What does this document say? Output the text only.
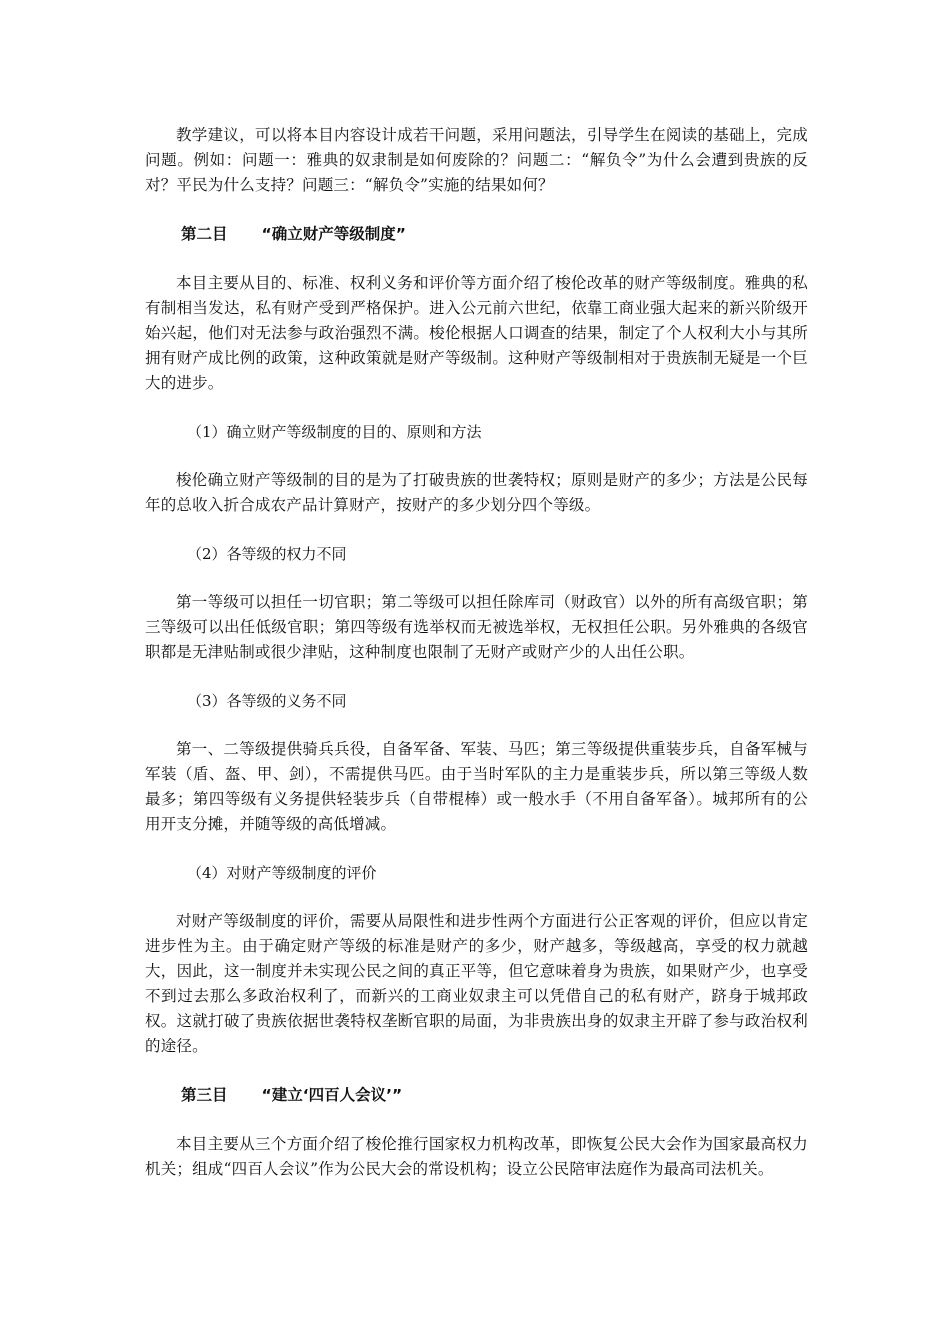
教学建议，可以将本目内容设计成若干问题，采用问题法，引导学生在阅读的基础上，完成问题。例如：问题一：雅典的奴隶制是如何废除的？问题二：“解负令”为什么会遭到贵族的反对？平民为什么支持？问题三：“解负令”实施的结果如何？

第二目 “确立财产等级制度”

本目主要从目的、标准、权利义务和评价等方面介绍了梭伦改革的财产等级制度。雅典的私有制相当发达，私有财产受到严格保护。进入公元前六世纪，依靠工商业强大起来的新兴阶级开始兴起，他们对无法参与政治强烈不满。梭伦根据人口调查的结果，制定了个人权利大小与其所拥有财产成比例的政策，这种政策就是财产等级制。这种财产等级制相对于贵族制无疑是一个巨大的进步。

（1）确立财产等级制度的目的、原则和方法

梭伦确立财产等级制的目的是为了打破贵族的世袭特权；原则是财产的多少；方法是公民每年的总收入折合成农产品计算财产，按财产的多少划分四个等级。

（2）各等级的权力不同

第一等级可以担任一切官职；第二等级可以担任除库司（财政官）以外的所有高级官职；第三等级可以出任低级官职；第四等级有选举权而无被选举权，无权担任公职。另外雅典的各级官职都是无津贴制或很少津贴，这种制度也限制了无财产或财产少的人出任公职。

（3）各等级的义务不同

第一、二等级提供骑兵兵役，自备军备、军装、马匹；第三等级提供重装步兵，自备军械与军装（盾、盔、甲、剑），不需提供马匹。由于当时军队的主力是重装步兵，所以第三等级人数最多；第四等级有义务提供轻装步兵（自带棍棒）或一般水手（不用自备军备）。城邦所有的公用开支分摊，并随等级的高低增减。

（4）对财产等级制度的评价

对财产等级制度的评价，需要从局限性和进步性两个方面进行公正客观的评价，但应以肯定进步性为主。由于确定财产等级的标准是财产的多少，财产越多，等级越高，享受的权力就越大，因此，这一制度并未实现公民之间的真正平等，但它意味着身为贵族，如果财产少，也享受不到过去那么多政治权利了，而新兴的工商业奴隶主可以凭借自己的私有财产，跻身于城邦政权。这就打破了贵族依据世袭特权垄断官职的局面，为非贵族出身的奴隶主开辟了参与政治权利的途径。

第三目 “建立‘四百人会议’”

本目主要从三个方面介绍了梭伦推行国家权力机构改革，即恢复公民大会作为国家最高权力机关；组成“四百人会议”作为公民大会的常设机构；设立公民陪审法庭作为最高司法机关。
